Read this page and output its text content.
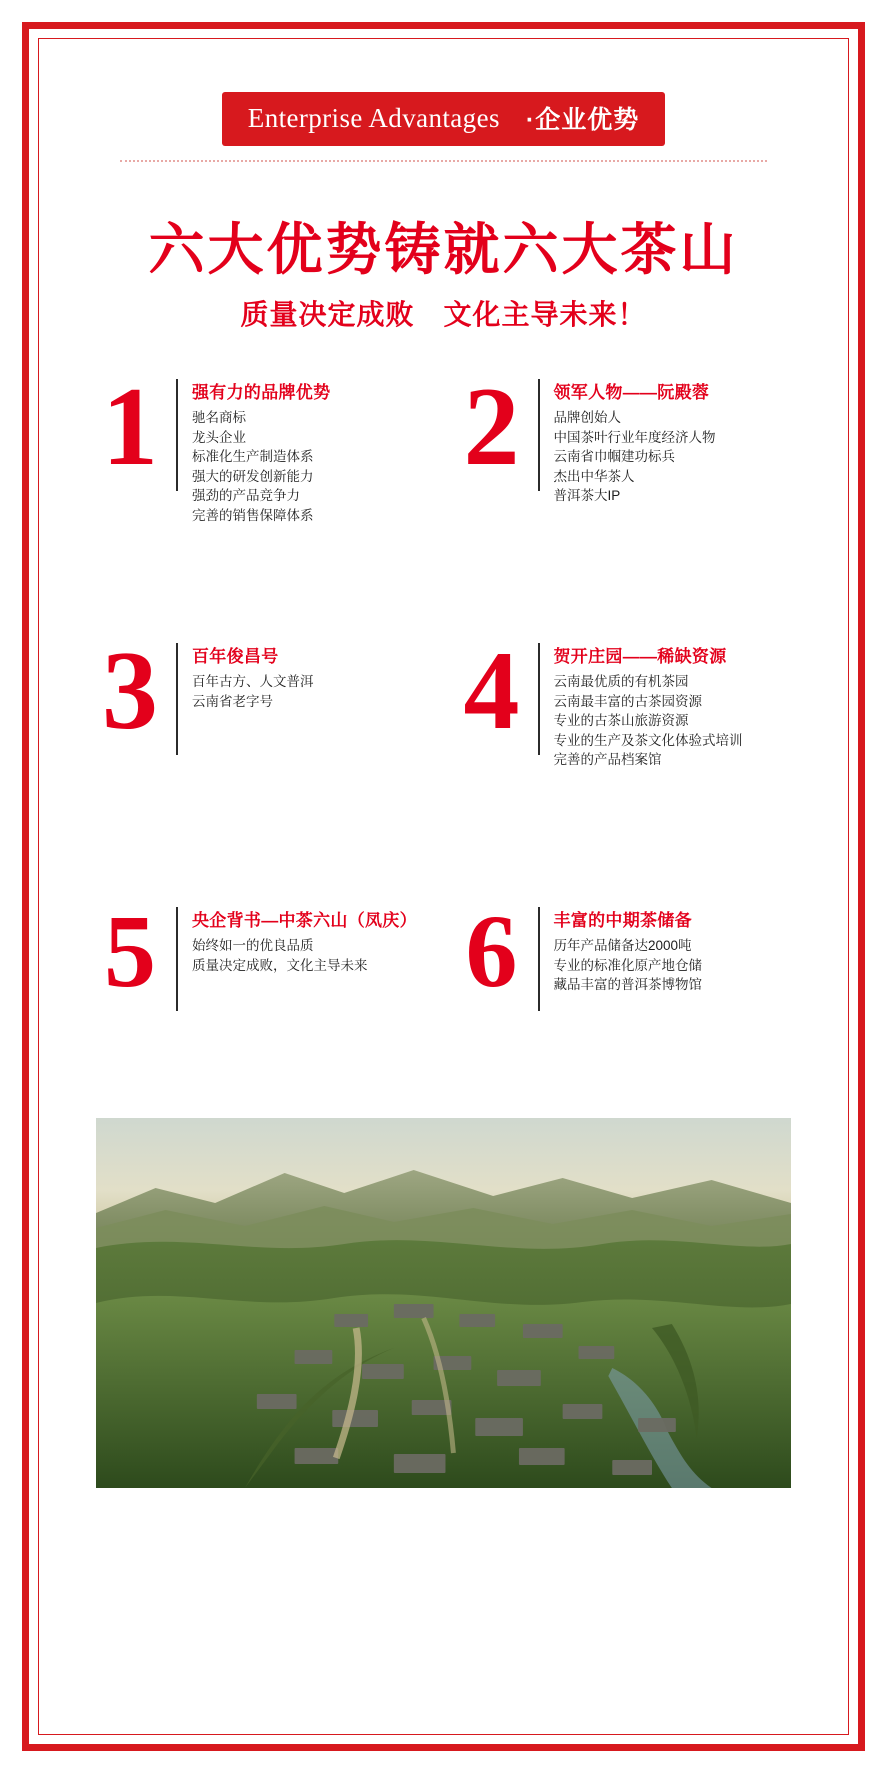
Enterprise Advantages ·企业优势
六大优势铸就六大茶山
质量决定成败　文化主导未来！
1	强有力的品牌优势
驰名商标
龙头企业
标准化生产制造体系
强大的研发创新能力
强劲的产品竞争力
完善的销售保障体系
2	领军人物——阮殿蓉
品牌创始人
中国茶叶行业年度经济人物
云南省巾帼建功标兵
杰出中华茶人
普洱茶大IP
3	百年俊昌号
百年古方、人文普洱
云南省老字号	4	贺开庄园——稀缺资源
云南最优质的有机茶园
云南最丰富的古茶园资源
专业的古茶山旅游资源
专业的生产及茶文化体验式培训
完善的产品档案馆
5	央企背书—中茶六山（凤庆）
始终如一的优良品质
质量决定成败，文化主导未来 6	丰富的中期茶储备
历年产品储备达2000吨
专业的标准化原产地仓储
藏品丰富的普洱茶博物馆
